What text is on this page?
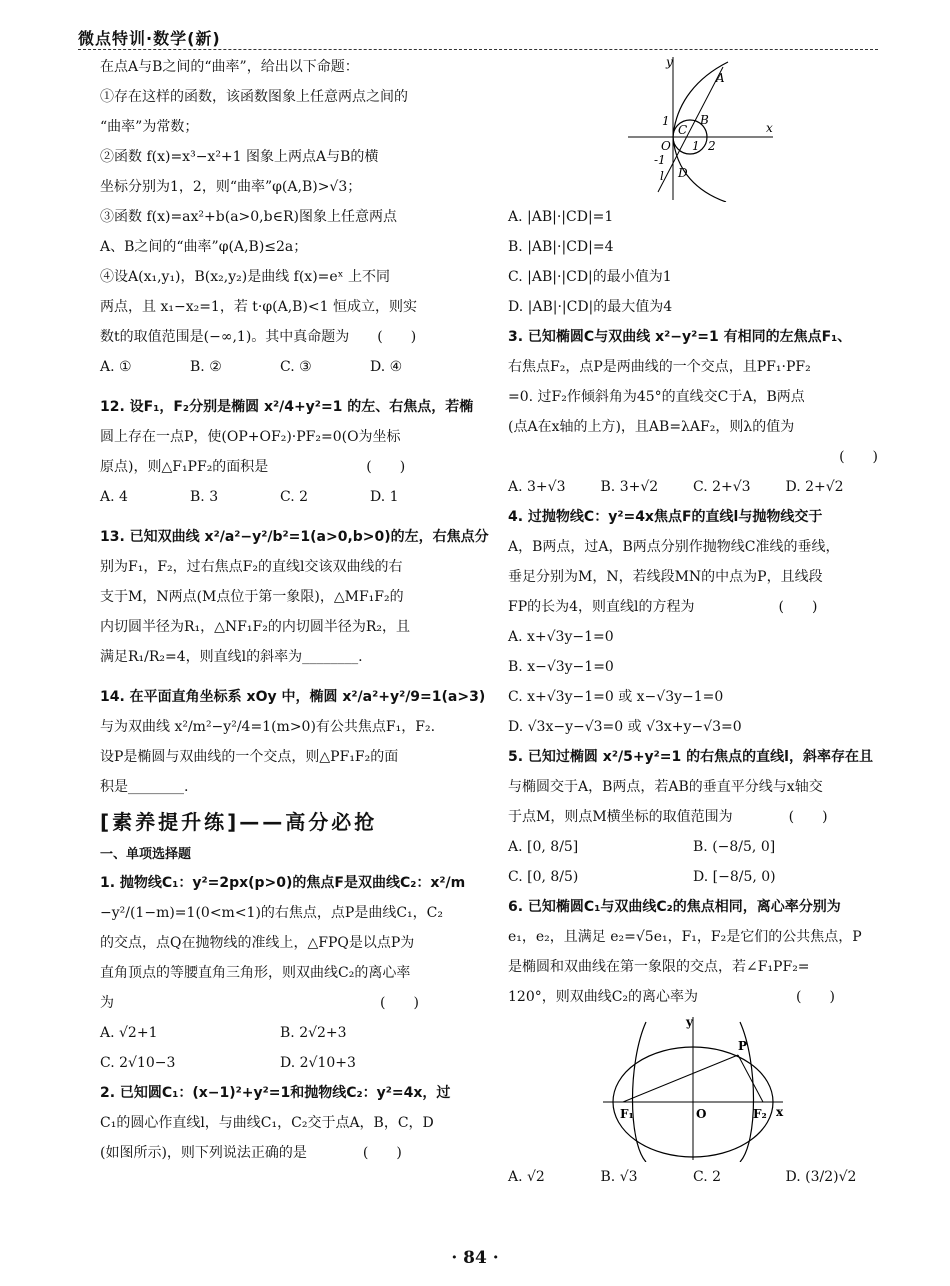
微点特训·数学(新)
在点A与B之间的“曲率”，给出以下命题：
①存在这样的函数，该函数图象上任意两点之间的
“曲率”为常数；
②函数 f(x)=x³−x²+1 图象上两点A与B的横
坐标分别为1，2，则“曲率”φ(A,B)>√3；
③函数 f(x)=ax²+b(a>0,b∈R)图象上任意两点
A、B之间的“曲率”φ(A,B)≤2a；
④设A(x₁,y₁)，B(x₂,y₂)是曲线 f(x)=eˣ 上不同
两点，且 x₁−x₂=1，若 t·φ(A,B)<1 恒成立，则实
数t的取值范围是(−∞,1)。其中真命题为　　(　　)
A. ①	B. ②	C. ③	D. ④
12. 设F₁，F₂分别是椭圆 x²/4+y²=1 的左、右焦点，若椭
圆上存在一点P，使(OP+OF₂)·PF₂=0(O为坐标
原点)，则△F₁PF₂的面积是　　　　　　　(　　)
A. 4	B. 3	C. 2	D. 1
13. 已知双曲线 x²/a²−y²/b²=1(a>0,b>0)的左，右焦点分
别为F₁，F₂，过右焦点F₂的直线l交该双曲线的右
支于M，N两点(M点位于第一象限)，△MF₁F₂的
内切圆半径为R₁，△NF₁F₂的内切圆半径为R₂，且
满足R₁/R₂=4，则直线l的斜率为________.
14. 在平面直角坐标系 xOy 中，椭圆 x²/a²+y²/9=1(a>3)
与为双曲线 x²/m²−y²/4=1(m>0)有公共焦点F₁，F₂.
设P是椭圆与双曲线的一个交点，则△PF₁F₂的面
积是________.
[素养提升练]——高分必抢
一、单项选择题
1. 抛物线C₁：y²=2px(p>0)的焦点F是双曲线C₂：x²/m
−y²/(1−m)=1(0<m<1)的右焦点，点P是曲线C₁，C₂
的交点，点Q在抛物线的准线上，△FPQ是以点P为
直角顶点的等腰直角三角形，则双曲线C₂的离心率
为　　　　　　　　　　　　　　　　　　　(　　)
A. √2+1	B. 2√2+3
C. 2√10−3	D. 2√10+3
2. 已知圆C₁：(x−1)²+y²=1和抛物线C₂：y²=4x，过
C₁的圆心作直线l，与曲线C₁，C₂交于点A，B，C，D
(如图所示)，则下列说法正确的是　　　　(　　)
y
x
A
B
C
D
O 1 2
-1
1
l
A. |AB|·|CD|=1
B. |AB|·|CD|=4
C. |AB|·|CD|的最小值为1
D. |AB|·|CD|的最大值为4
3. 已知椭圆C与双曲线 x²−y²=1 有相同的左焦点F₁、
右焦点F₂，点P是两曲线的一个交点，且PF₁·PF₂
=0. 过F₂作倾斜角为45°的直线交C于A，B两点
(点A在x轴的上方)，且AB=λAF₂，则λ的值为
(　　)
A. 3+√3	B. 3+√2	C. 2+√3	D. 2+√2
4. 过抛物线C：y²=4x焦点F的直线l与抛物线交于
A，B两点，过A，B两点分别作抛物线C准线的垂线，
垂足分别为M，N，若线段MN的中点为P，且线段
FP的长为4，则直线l的方程为　　　　　　(　　)
A. x+√3y−1=0
B. x−√3y−1=0
C. x+√3y−1=0 或 x−√3y−1=0
D. √3x−y−√3=0 或 √3x+y−√3=0
5. 已知过椭圆 x²/5+y²=1 的右焦点的直线l，斜率存在且
与椭圆交于A，B两点，若AB的垂直平分线与x轴交
于点M，则点M横坐标的取值范围为　　　　(　　)
A. [0, 8/5]	B. (−8/5, 0]
C. [0, 8/5)	D. [−8/5, 0)
6. 已知椭圆C₁与双曲线C₂的焦点相同，离心率分别为
e₁，e₂，且满足 e₂=√5e₁，F₁，F₂是它们的公共焦点，P
是椭圆和双曲线在第一象限的交点，若∠F₁PF₂=
120°，则双曲线C₂的离心率为　　　　　　　(　　)
y
x
P
F₁	O	F₂
A. √2	B. √3	C. 2	D. (3/2)√2
· 84 ·
